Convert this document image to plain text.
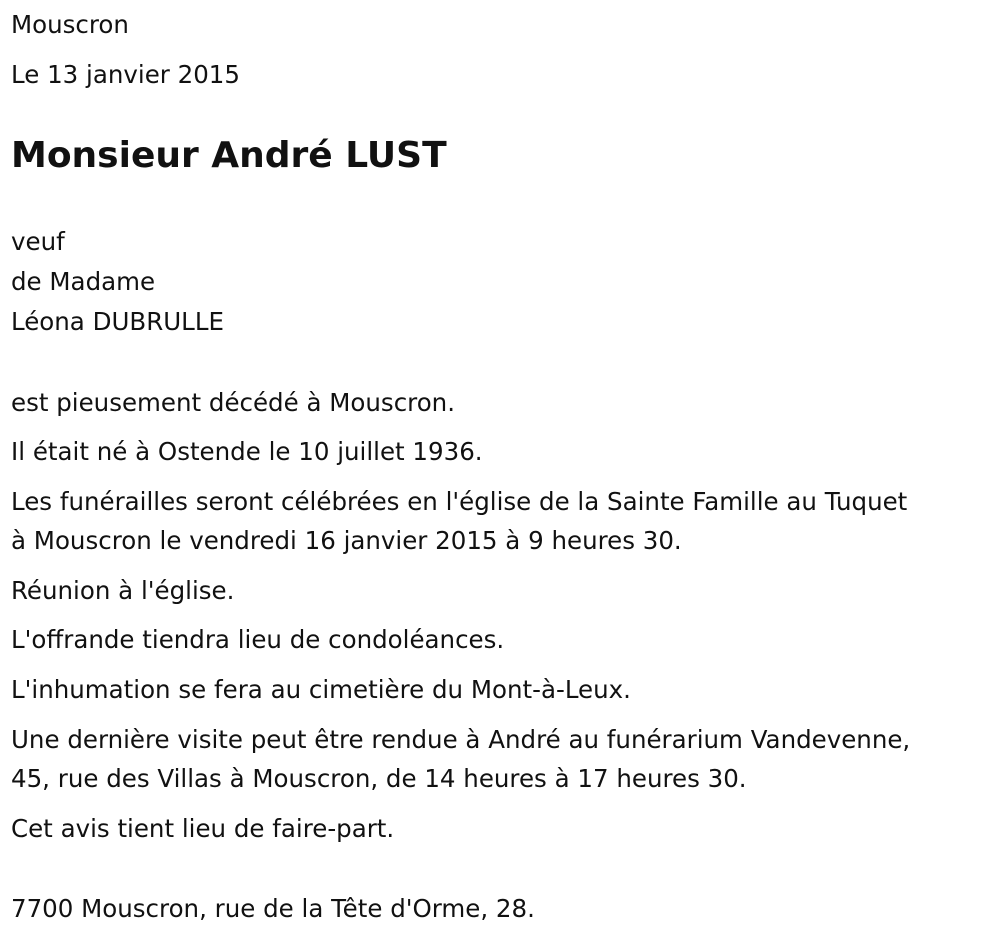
Mouscron

Le 13 janvier 2015

Monsieur André LUST

veuf

de Madame

Léona DUBRULLE

est pieusement décédé à Mouscron.

Il était né à Ostende le 10 juillet 1936.

Les funérailles seront célébrées en l'église de la Sainte Famille au Tuquet

à Mouscron le vendredi 16 janvier 2015 à 9 heures 30.

Réunion à l'église.

L'offrande tiendra lieu de condoléances.

L'inhumation se fera au cimetière du Mont-à-Leux.

Une dernière visite peut être rendue à André au funérarium Vandevenne,

45, rue des Villas à Mouscron, de 14 heures à 17 heures 30.

Cet avis tient lieu de faire-part.

7700 Mouscron, rue de la Tête d'Orme, 28.
